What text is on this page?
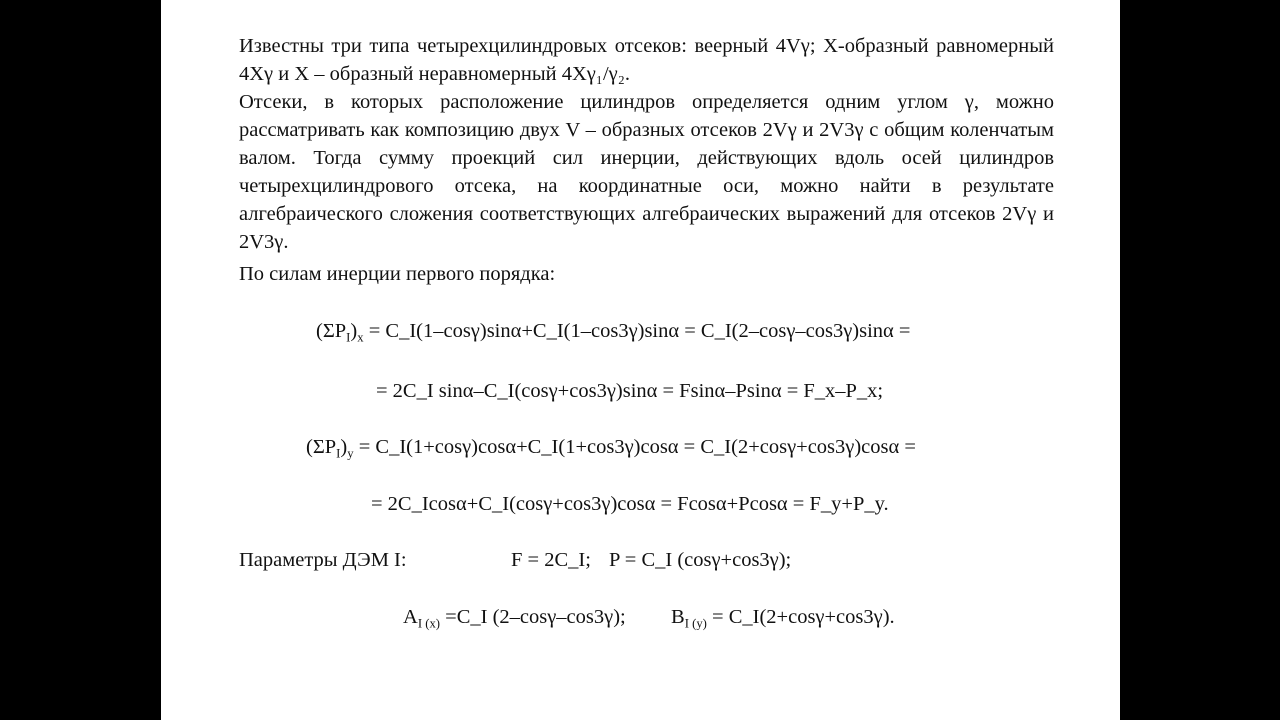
Известны три типа четырехцилиндровых отсеков: веерный 4Vγ; Х-образный равномерный 4Хγ и Х – образный неравномерный 4Хγ₁/γ₂.

Отсеки, в которых расположение цилиндров определяется одним углом γ, можно рассматривать как композицию двух V – образных отсеков 2Vγ и 2V3γ с общим коленчатым валом. Тогда сумму проекций сил инерции, действующих вдоль осей цилиндров четырехцилиндрового отсека, на координатные оси, можно найти в результате алгебраического сложения соответствующих алгебраических выражений для отсеков 2Vγ и 2V3γ.

По силам инерции первого порядка:

$(\Sigma P_I)_x$ = C_I(1–cosγ)sinα+C_I(1–cos3γ)sinα = C_I(2–cosγ–cos3γ)sinα =
= 2C_I sinα–C_I(cosγ+cos3γ)sinα = Fsinα–Psinα = F_x–P_x;
$(\Sigma P_I)_y$ = C_I(1+cosγ)cosα+C_I(1+cos3γ)cosα = C_I(2+cosγ+cos3γ)cosα =
= 2C_Icosα+C_I(cosγ+cos3γ)cosα = Fcosα+Pcosα = F_y+P_y.
Параметры ДЭМ I:	F = 2C_I; P = C_I (cosγ+cos3γ);
$A_{I (x)}$ =C_I (2–cosγ–cos3γ); $B_{I (y)}$ = C_I(2+cosγ+cos3γ).
